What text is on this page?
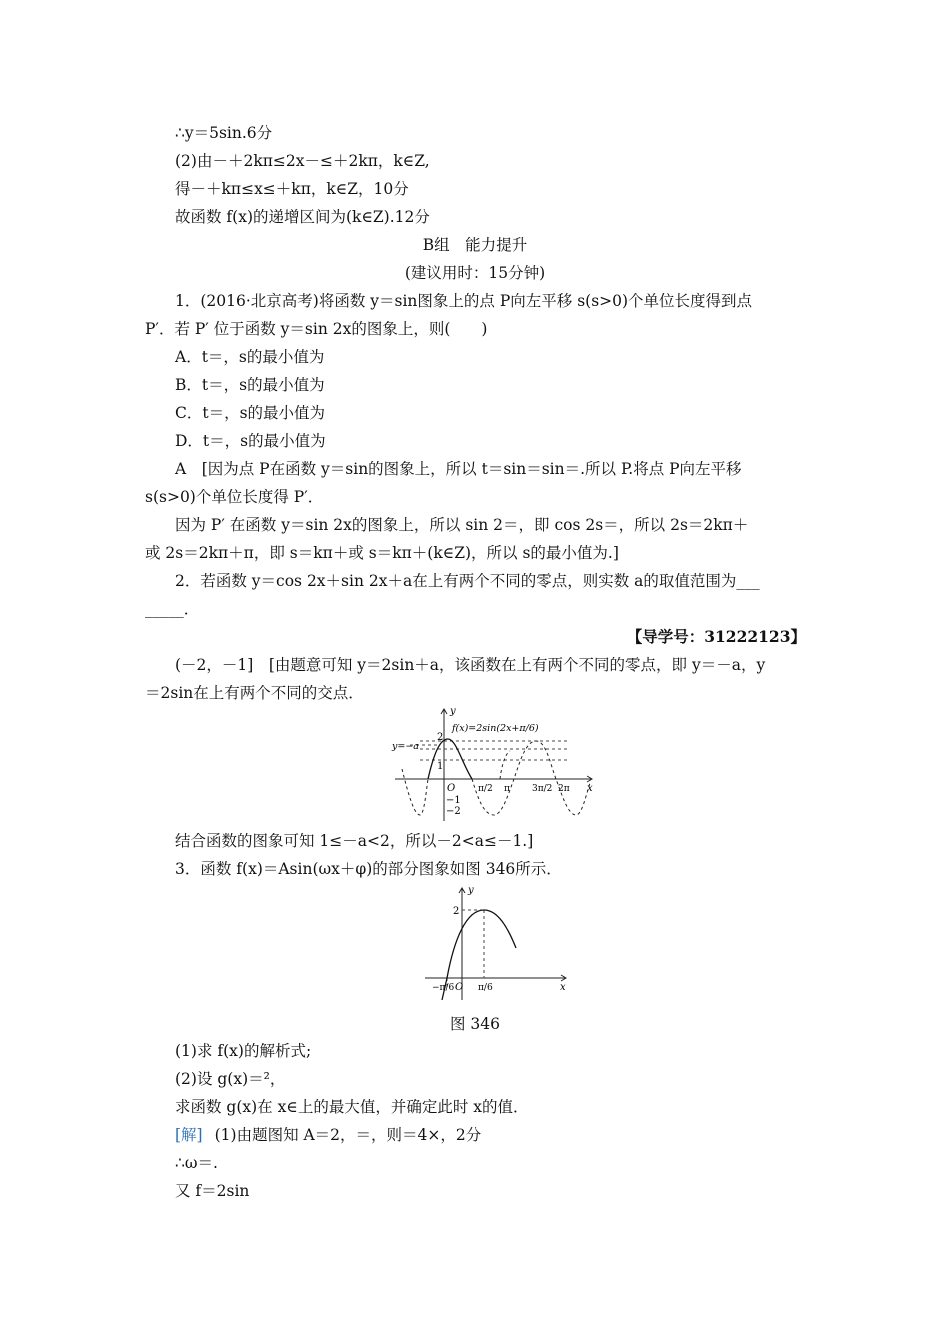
∴y＝5sin.6分
(2)由－＋2kπ≤2x－≤＋2kπ，k∈Z,
得－＋kπ≤x≤＋kπ，k∈Z，10分
故函数 f(x)的递增区间为(k∈Z).12分
B组　能力提升
(建议用时：15分钟)
1．(2016·北京高考)将函数 y＝sin图象上的点 P向左平移 s(s>0)个单位长度得到点
P′．若 P′ 位于函数 y＝sin 2x的图象上，则(　　)
A．t＝，s的最小值为
B．t＝，s的最小值为
C．t＝，s的最小值为
D．t＝，s的最小值为
A　[因为点 P在函数 y＝sin的图象上，所以 t＝sin＝sin＝.所以 P.将点 P向左平移
s(s>0)个单位长度得 P′．
因为 P′ 在函数 y＝sin 2x的图象上，所以 sin 2＝，即 cos 2s＝，所以 2s＝2kπ＋
或 2s＝2kπ＋π，即 s＝kπ＋或 s＝kπ＋(k∈Z)，所以 s的最小值为.]
2．若函数 y＝cos 2x＋sin 2x＋a在上有两个不同的零点，则实数 a的取值范围为___
_____．
【导学号：31222123】
(－2，－1]　[由题意可知 y＝2sin＋a，该函数在上有两个不同的零点，即 y＝－a，y
＝2sin在上有两个不同的交点．
y
x
f(x)=2sin(2x+π/6)
y=−a
O
2
1
−1
−2
π/2 π 3π/2 2π
结合函数的图象可知 1≤－a<2，所以－2<a≤－1.]
3．函数 f(x)＝Asin(ωx＋φ)的部分图象如图 346所示．
y
x
2
O
−π/6	π/6
图 346
(1)求 f(x)的解析式;
(2)设 g(x)＝²，
求函数 g(x)在 x∈上的最大值，并确定此时 x的值．
[解] (1)由题图知 A＝2，＝，则＝4×，2分
∴ω＝.
又 f＝2sin
